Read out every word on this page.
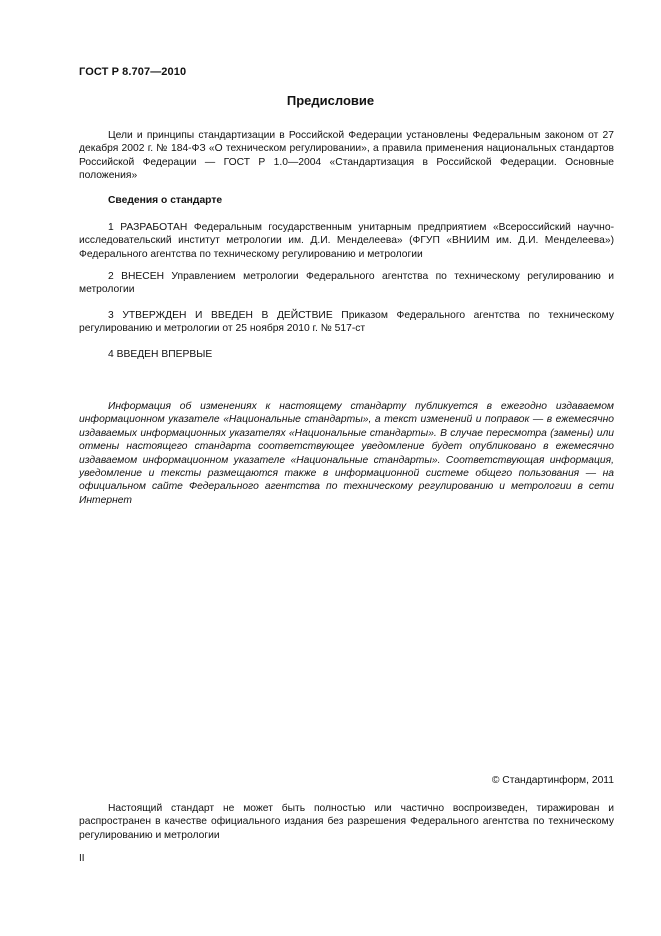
ГОСТ Р 8.707—2010
Предисловие

Цели и принципы стандартизации в Российской Федерации установлены Федеральным законом от 27 декабря 2002 г. № 184-ФЗ «О техническом регулировании», а правила применения национальных стандартов Российской Федерации — ГОСТ Р 1.0—2004 «Стандартизация в Российской Федерации. Основные положения»

Сведения о стандарте

1 РАЗРАБОТАН Федеральным государственным унитарным предприятием «Всероссийский научно-исследовательский институт метрологии им. Д.И. Менделеева» (ФГУП «ВНИИМ им. Д.И. Менделеева») Федерального агентства по техническому регулированию и метрологии

2 ВНЕСЕН Управлением метрологии Федерального агентства по техническому регулированию и метрологии

3 УТВЕРЖДЕН И ВВЕДЕН В ДЕЙСТВИЕ Приказом Федерального агентства по техническому регулированию и метрологии от 25 ноября 2010 г. № 517-ст

4 ВВЕДЕН ВПЕРВЫЕ

Информация об изменениях к настоящему стандарту публикуется в ежегодно издаваемом информационном указателе «Национальные стандарты», а текст изменений и поправок — в ежемесячно издаваемых информационных указателях «Национальные стандарты». В случае пересмотра (замены) или отмены настоящего стандарта соответствующее уведомление будет опубликовано в ежемесячно издаваемом информационном указателе «Национальные стандарты». Соответствующая информация, уведомление и тексты размещаются также в информационной системе общего пользования — на официальном сайте Федерального агентства по техническому регулированию и метрологии в сети Интернет

© Стандартинформ, 2011

Настоящий стандарт не может быть полностью или частично воспроизведен, тиражирован и распространен в качестве официального издания без разрешения Федерального агентства по техническому регулированию и метрологии

II
